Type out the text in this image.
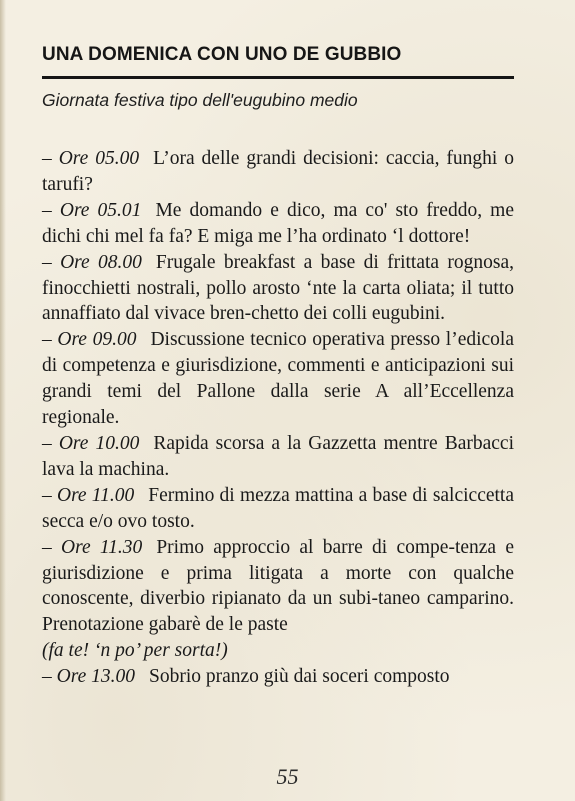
UNA DOMENICA CON UNO DE GUBBIO
Giornata festiva tipo dell'eugubino medio

– Ore 05.00 L’ora delle grandi decisioni: caccia, funghi o tarufi?

– Ore 05.01 Me domando e dico, ma co' sto freddo, me dichi chi mel fa fa? E miga me l’ha ordinato ‘l dottore!

– Ore 08.00 Frugale breakfast a base di frittata rognosa, finocchietti nostrali, pollo arosto ‘nte la carta oliata; il tutto annaffiato dal vivace bren-chetto dei colli eugubini.

– Ore 09.00 Discussione tecnico operativa presso l’edicola di competenza e giurisdizione, commenti e anticipazioni sui grandi temi del Pallone dalla serie A all’Eccellenza regionale.

– Ore 10.00 Rapida scorsa a la Gazzetta mentre Barbacci lava la machina.

– Ore 11.00 Fermino di mezza mattina a base di salciccetta secca e/o ovo tosto.

– Ore 11.30 Primo approccio al barre di compe-tenza e giurisdizione e prima litigata a morte con qualche conoscente, diverbio ripianato da un subi-taneo camparino. Prenotazione gabarè de le paste
(fa te! ‘n po’ per sorta!)

– Ore 13.00 Sobrio pranzo giù dai soceri composto

55
